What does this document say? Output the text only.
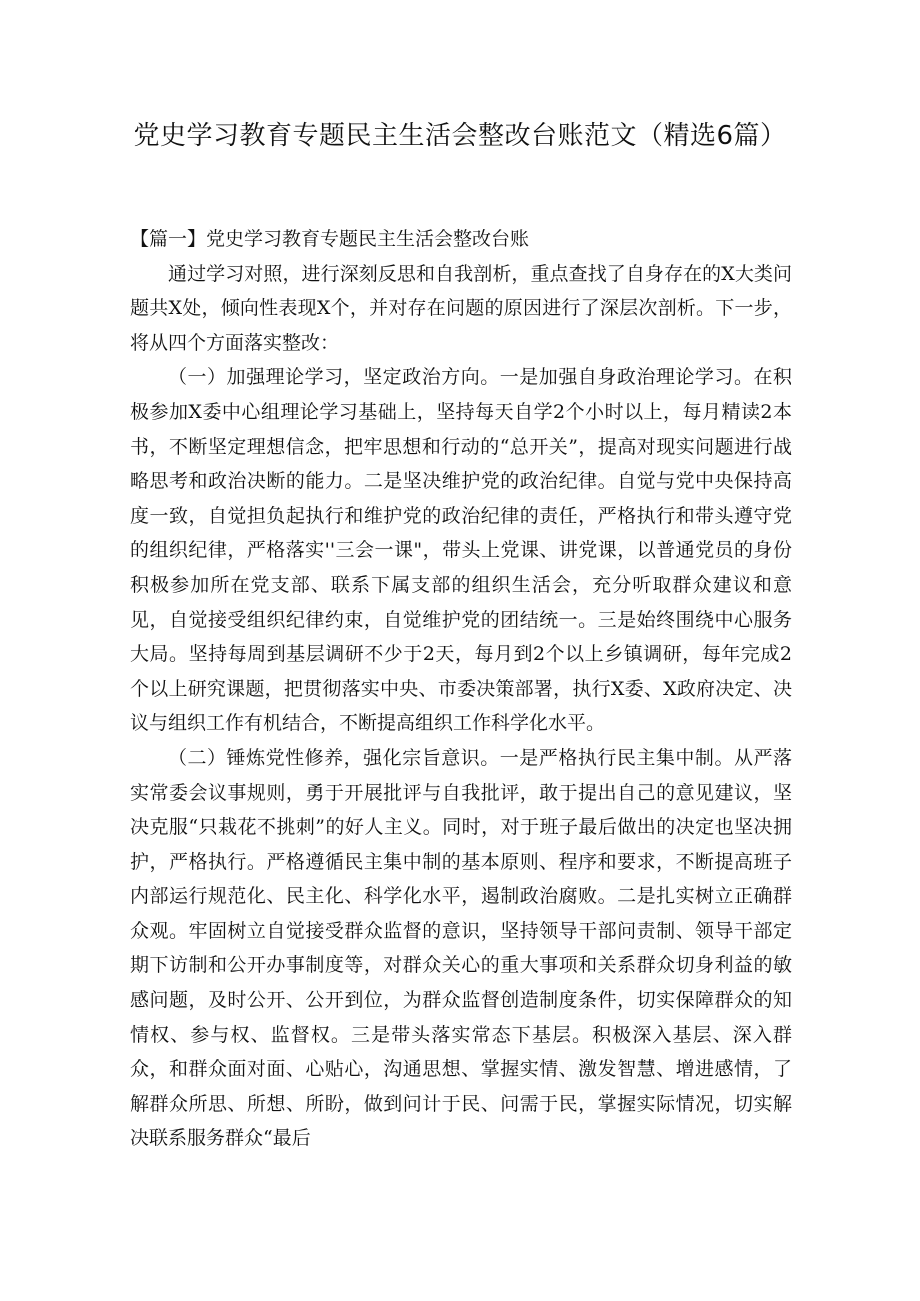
党史学习教育专题民主生活会整改台账范文（精选6篇）
【篇一】党史学习教育专题民主生活会整改台账

通过学习对照，进行深刻反思和自我剖析，重点查找了自身存在的X大类问题共X处，倾向性表现X个，并对存在问题的原因进行了深层次剖析。下一步，将从四个方面落实整改：

（一）加强理论学习，坚定政治方向。一是加强自身政治理论学习。在积极参加X委中心组理论学习基础上，坚持每天自学2个小时以上，每月精读2本书，不断坚定理想信念，把牢思想和行动的“总开关”，提高对现实问题进行战略思考和政治决断的能力。二是坚决维护党的政治纪律。自觉与党中央保持高度一致，自觉担负起执行和维护党的政治纪律的责任，严格执行和带头遵守党的组织纪律，严格落实''三会一课"，带头上党课、讲党课，以普通党员的身份积极参加所在党支部、联系下属支部的组织生活会，充分听取群众建议和意见，自觉接受组织纪律约束，自觉维护党的团结统一。三是始终围绕中心服务大局。坚持每周到基层调研不少于2天，每月到2个以上乡镇调研，每年完成2个以上研究课题，把贯彻落实中央、市委决策部署，执行X委、X政府决定、决议与组织工作有机结合，不断提高组织工作科学化水平。

（二）锤炼党性修养，强化宗旨意识。一是严格执行民主集中制。从严落实常委会议事规则，勇于开展批评与自我批评，敢于提出自己的意见建议，坚决克服“只栽花不挑刺”的好人主义。同时，对于班子最后做出的决定也坚决拥护，严格执行。严格遵循民主集中制的基本原则、程序和要求，不断提高班子内部运行规范化、民主化、科学化水平，遏制政治腐败。二是扎实树立正确群众观。牢固树立自觉接受群众监督的意识，坚持领导干部问责制、领导干部定期下访制和公开办事制度等，对群众关心的重大事项和关系群众切身利益的敏感问题，及时公开、公开到位，为群众监督创造制度条件，切实保障群众的知情权、参与权、监督权。三是带头落实常态下基层。积极深入基层、深入群众，和群众面对面、心贴心，沟通思想、掌握实情、激发智慧、增进感情，了解群众所思、所想、所盼，做到问计于民、问需于民，掌握实际情况，切实解决联系服务群众“最后
